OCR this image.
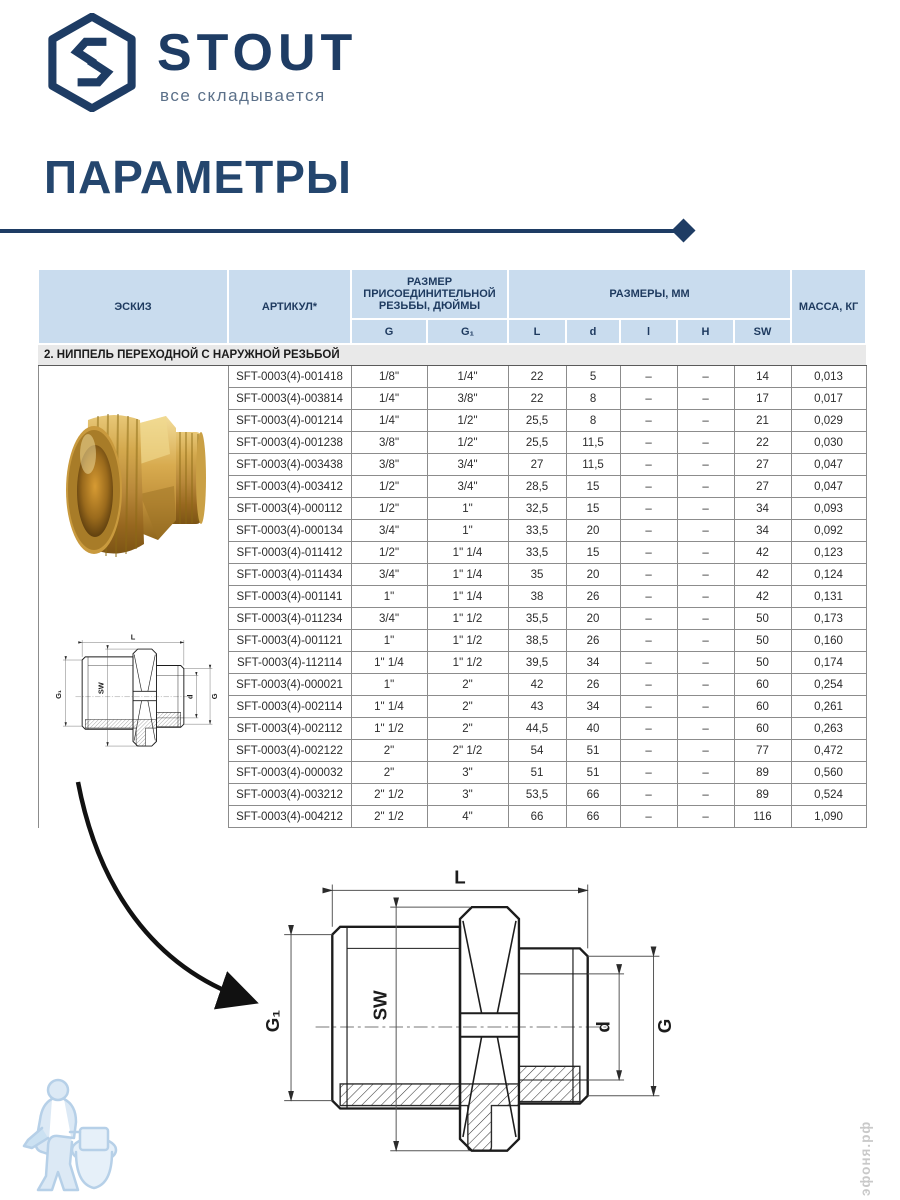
STOUT
все складывается
ПАРАМЕТРЫ
ЭСКИЗ	АРТИКУЛ*	РАЗМЕР ПРИСОЕДИНИТЕЛЬНОЙ РЕЗЬБЫ, ДЮЙМЫ		РАЗМЕРЫ, ММ					МАССА, КГ
		G	G₁	L	d	l	H	SW	
2. НИППЕЛЬ ПЕРЕХОДНОЙ С НАРУЖНОЙ РЕЗЬБОЙ									

L
SW
G₁ d G	SFT-0003(4)-001418	1/8"	1/4"	22	5	–	–	14	0,013
	SFT-0003(4)-003814	1/4"	3/8"	22	8	–	–	17	0,017
	SFT-0003(4)-001214	1/4"	1/2"	25,5	8	–	–	21	0,029
	SFT-0003(4)-001238	3/8"	1/2"	25,5	11,5	–	–	22	0,030
	SFT-0003(4)-003438	3/8"	3/4"	27	11,5	–	–	27	0,047
	SFT-0003(4)-003412	1/2"	3/4"	28,5	15	–	–	27	0,047
	SFT-0003(4)-000112	1/2"	1"	32,5	15	–	–	34	0,093
	SFT-0003(4)-000134	3/4"	1"	33,5	20	–	–	34	0,092
	SFT-0003(4)-011412	1/2"	1" 1/4	33,5	15	–	–	42	0,123
	SFT-0003(4)-011434	3/4"	1" 1/4	35	20	–	–	42	0,124
	SFT-0003(4)-001141	1"	1" 1/4	38	26	–	–	42	0,131
	SFT-0003(4)-011234	3/4"	1" 1/2	35,5	20	–	–	50	0,173
	SFT-0003(4)-001121	1"	1" 1/2	38,5	26	–	–	50	0,160
	SFT-0003(4)-112114	1" 1/4	1" 1/2	39,5	34	–	–	50	0,174
	SFT-0003(4)-000021	1"	2"	42	26	–	–	60	0,254
	SFT-0003(4)-002114	1" 1/4	2"	43	34	–	–	60	0,261
	SFT-0003(4)-002112	1" 1/2	2"	44,5	40	–	–	60	0,263
	SFT-0003(4)-002122	2"	2" 1/2	54	51	–	–	77	0,472
	SFT-0003(4)-000032	2"	3"	51	51	–	–	89	0,560
	SFT-0003(4)-003212	2" 1/2	3"	53,5	66	–	–	89	0,524
	SFT-0003(4)-004212	2" 1/2	4"	66	66	–	–	116	1,090
L
SW
G₁	d G
эфоня.рф
